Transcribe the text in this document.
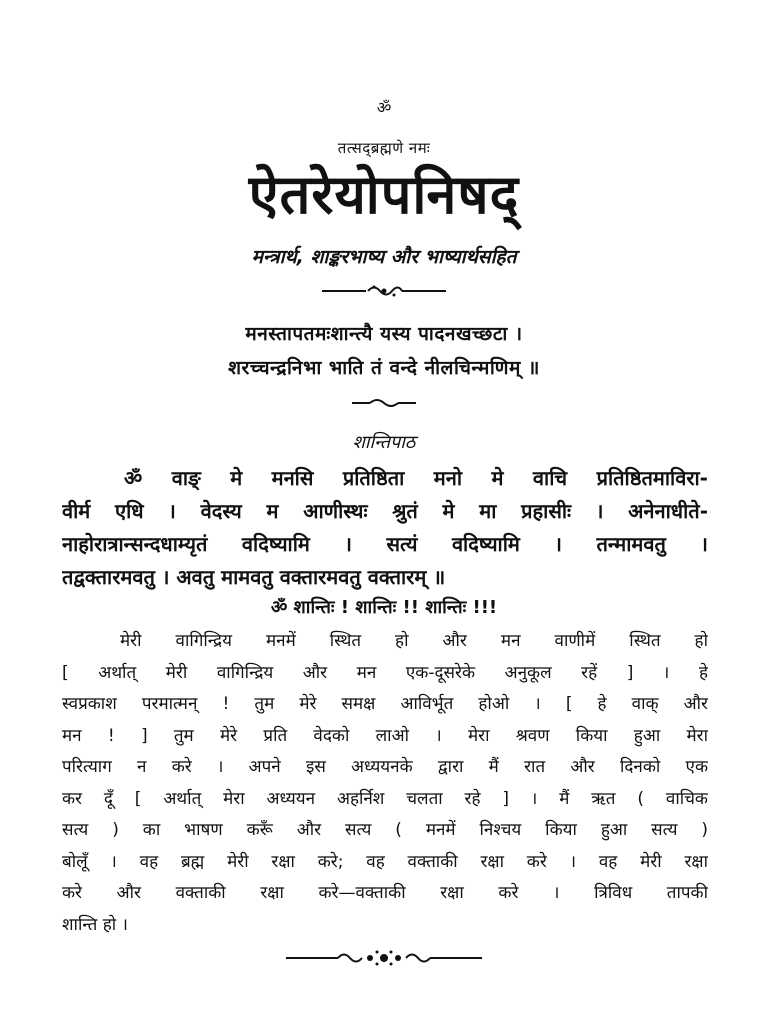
ॐ
तत्सद्ब्रह्मणे नमः
ऐतरेयोपनिषद्
मन्त्रार्थ, शाङ्करभाष्य और भाष्यार्थसहित
मनस्तापतमःशान्त्यै यस्य पादनखच्छटा ।
शरच्चन्द्रनिभा भाति तं वन्दे नीलचिन्मणिम् ॥
शान्तिपाठ
ॐ वाङ् मे मनसि प्रतिष्ठिता मनो मे वाचि प्रतिष्ठितमाविरा-
वीर्म एधि । वेदस्य म आणीस्थः श्रुतं मे मा प्रहासीः । अनेनाधीते-
नाहोरात्रान्सन्दधाम्यृतं वदिष्यामि । सत्यं वदिष्यामि । तन्मामवतु ।
तद्वक्तारमवतु । अवतु मामवतु वक्तारमवतु वक्तारम् ॥
ॐ शान्तिः ! शान्तिः !! शान्तिः !!!
मेरी वागिन्द्रिय मनमें स्थित हो और मन वाणीमें स्थित हो
[ अर्थात् मेरी वागिन्द्रिय और मन एक-दूसरेके अनुकूल रहें ] । हे
स्वप्रकाश परमात्मन् ! तुम मेरे समक्ष आविर्भूत होओ । [ हे वाक् और
मन ! ] तुम मेरे प्रति वेदको लाओ । मेरा श्रवण किया हुआ मेरा
परित्याग न करे । अपने इस अध्ययनके द्वारा मैं रात और दिनको एक
कर दूँ [ अर्थात् मेरा अध्ययन अहर्निश चलता रहे ] । मैं ऋत ( वाचिक
सत्य ) का भाषण करूँ और सत्य ( मनमें निश्चय किया हुआ सत्य )
बोलूँ । वह ब्रह्म मेरी रक्षा करे; वह वक्ताकी रक्षा करे । वह मेरी रक्षा
करे और वक्ताकी रक्षा करे—वक्ताकी रक्षा करे । त्रिविध तापकी
शान्ति हो ।
